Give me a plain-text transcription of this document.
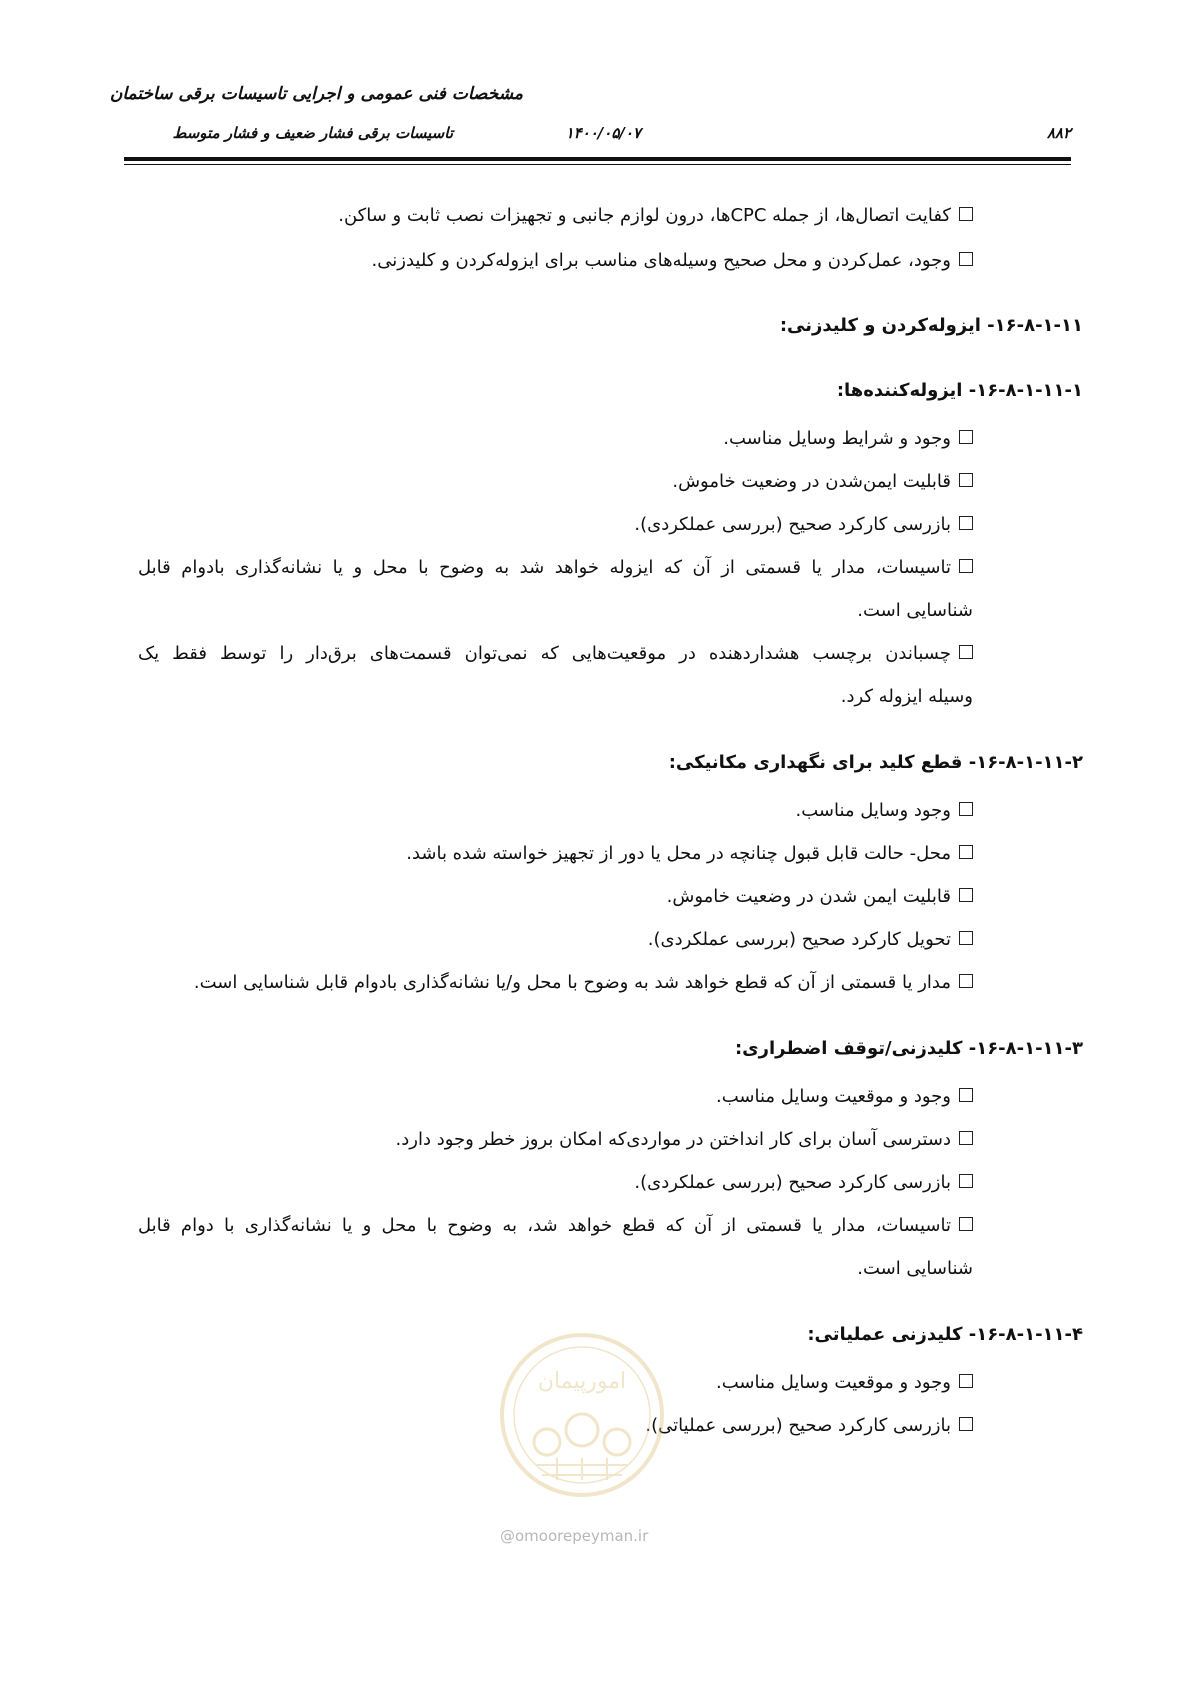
مشخصات فنی عمومی و اجرایی تاسیسات برقی ساختمان
۸۸۲
۱۴۰۰/۰۵/۰۷
تاسیسات برقی فشار ضعیف و فشار متوسط
کفایت اتصال‌ها، از جمله CPCها، درون لوازم جانبی و تجهیزات نصب ثابت و ساکن.
وجود، عمل‌کردن و محل صحیح وسیله‌های مناسب برای ایزوله‌کردن و کلیدزنی.
۱۶-۸-۱-۱۱- ایزوله‌کردن و کلیدزنی:
۱۶-۸-۱-۱۱-۱- ایزوله‌کننده‌ها:
وجود و شرایط وسایل مناسب.
قابلیت ایمن‌شدن در وضعیت خاموش.
بازرسی کارکرد صحیح (بررسی عملکردی).
تاسیسات، مدار یا قسمتی از آن که ایزوله خواهد شد به وضوح با محل و یا نشانه‌گذاری بادوام قابل
شناسایی است.
چسباندن برچسب هشداردهنده در موقعیت‌هایی که نمی‌توان قسمت‌های برق‌دار را توسط فقط یک
وسیله ایزوله کرد.
۱۶-۸-۱-۱۱-۲- قطع کلید برای نگهداری مکانیکی:
وجود وسایل مناسب.
محل- حالت قابل قبول چنانچه در محل یا دور از تجهیز خواسته شده باشد.
قابلیت ایمن شدن در وضعیت خاموش.
تحویل کارکرد صحیح (بررسی عملکردی).
مدار یا قسمتی از آن که قطع خواهد شد به وضوح با محل و/یا نشانه‌گذاری بادوام قابل شناسایی است.
۱۶-۸-۱-۱۱-۳- کلیدزنی/توقف اضطراری:
وجود و موقعیت وسایل مناسب.
دسترسی آسان برای کار انداختن در مواردی‌که امکان بروز خطر وجود دارد.
بازرسی کارکرد صحیح (بررسی عملکردی).
تاسیسات، مدار یا قسمتی از آن که قطع خواهد شد، به وضوح با محل و یا نشانه‌گذاری با دوام قابل
شناسایی است.
۱۶-۸-۱-۱۱-۴- کلیدزنی عملیاتی:
وجود و موقعیت وسایل مناسب.
بازرسی کارکرد صحیح (بررسی عملیاتی).
امورپیمان
@omoorepeyman.ir
